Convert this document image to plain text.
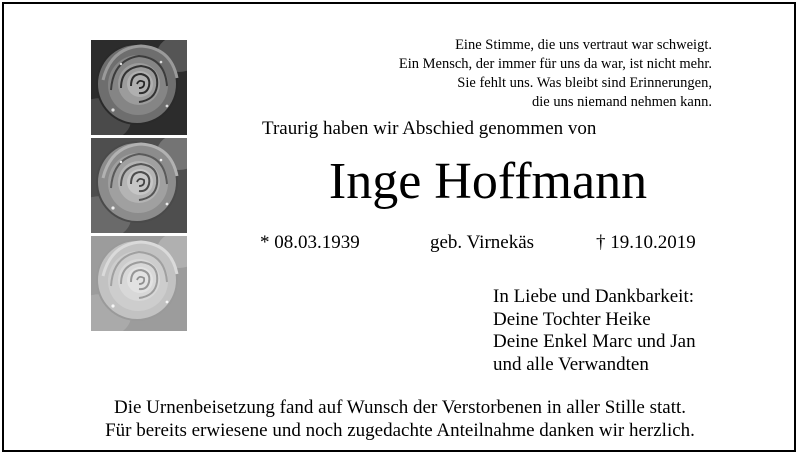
Eine Stimme, die uns vertraut war schweigt.
Ein Mensch, der immer für uns da war, ist nicht mehr.
Sie fehlt uns. Was bleibt sind Erinnerungen,
die uns niemand nehmen kann.
Traurig haben wir Abschied genommen von
Inge Hoffmann
* 08.03.1939	geb. Virnekäs	† 19.10.2019
In Liebe und Dankbarkeit:
Deine Tochter Heike
Deine Enkel Marc und Jan
und alle Verwandten
Die Urnenbeisetzung fand auf Wunsch der Verstorbenen in aller Stille statt.
Für bereits erwiesene und noch zugedachte Anteilnahme danken wir herzlich.
